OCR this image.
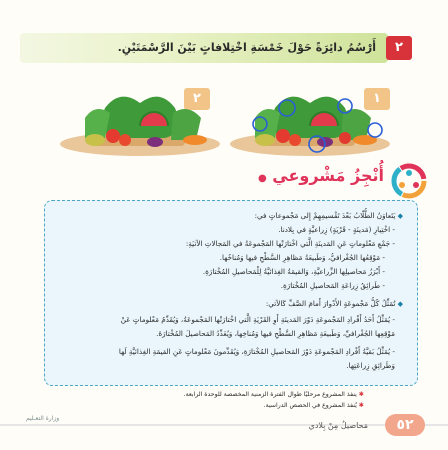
٢
أَرْسُمُ دائِرَةً حَوْلَ خَمْسَةِ اخْتِلافاتٍ بَيْنَ الرَّسْمَتَيْنِ.
١
٢
أُنْجِزُ مَشْروعي ●
◆ يَتَعاوَنُ الطُّلّابُ بَعْدَ تَقْسيمِهِمْ إِلى مَجْموعاتٍ في:
- اخْتِيارِ (مَدينَةٍ - قَرْيَةٍ) زِراعيَّةٍ في بِلادنا.
- جَمْعِ مَعْلوماتٍ عَنِ المَدينَةِ الَّتي اخْتارَتْها المَجْموعَةُ في المَجالاتِ الآتيَةِ:
- مَوْقِعُها الجُغْرافيُّ، وَطَبيعَةُ مَظاهِرِ السَّطْحِ فيها وَمُناخُها.
- أَبْرَزُ مَحاصيلِها الزِّراعيَّةِ، وَالقيمَةُ الغِذائيَّةُ لِلْمَحاصيلِ المُخْتارَةِ.
- طَرائِقُ زِراعَةِ المَحاصيلِ المُخْتارَةِ.
◆ تُمَثِّلُ كُلُّ مَجْموعَةٍ الأَدْوارَ أَمامَ الصَّفِّ كَالآتي:
- يُمَثِّلُ أَحَدُ أَفْرادِ المَجْموعَةِ دَوْرَ المَدينَةِ أَوِ القَرْيَةِ الَّتي اخْتارَتْها المَجْموعَةُ، وَيُقَدِّمُ مَعْلوماتٍ عَنْ
مَوْقِعِها الجُغْرافيِّ، وَطَبيعَةِ مَظاهِرِ السَّطْحِ فيها وَمُناخِها، وَيُعَدِّدُ المَحاصيلَ المُخْتارَةَ.
- يُمَثِّلُ بَقيَّةُ أَفْرادِ المَجْموعَةِ دَوْرَ المَحاصيلِ المُخْتارَةِ، وَيُقَدِّمونَ مَعْلوماتٍ عَنِ القيمَةِ الغِذائيَّةِ لَها
وَطَرائِقِ زِراعَتِها.
✱ ينفذ المشروع مرحليًا طوال الفترة الزمنية المخصصة للوحدة الرابعة.
✱ يُنفذ المشروع في الحصص الدراسية.
وزارة التعـليم
مَحاصيلُ مِنْ بِلادي	٥٢
